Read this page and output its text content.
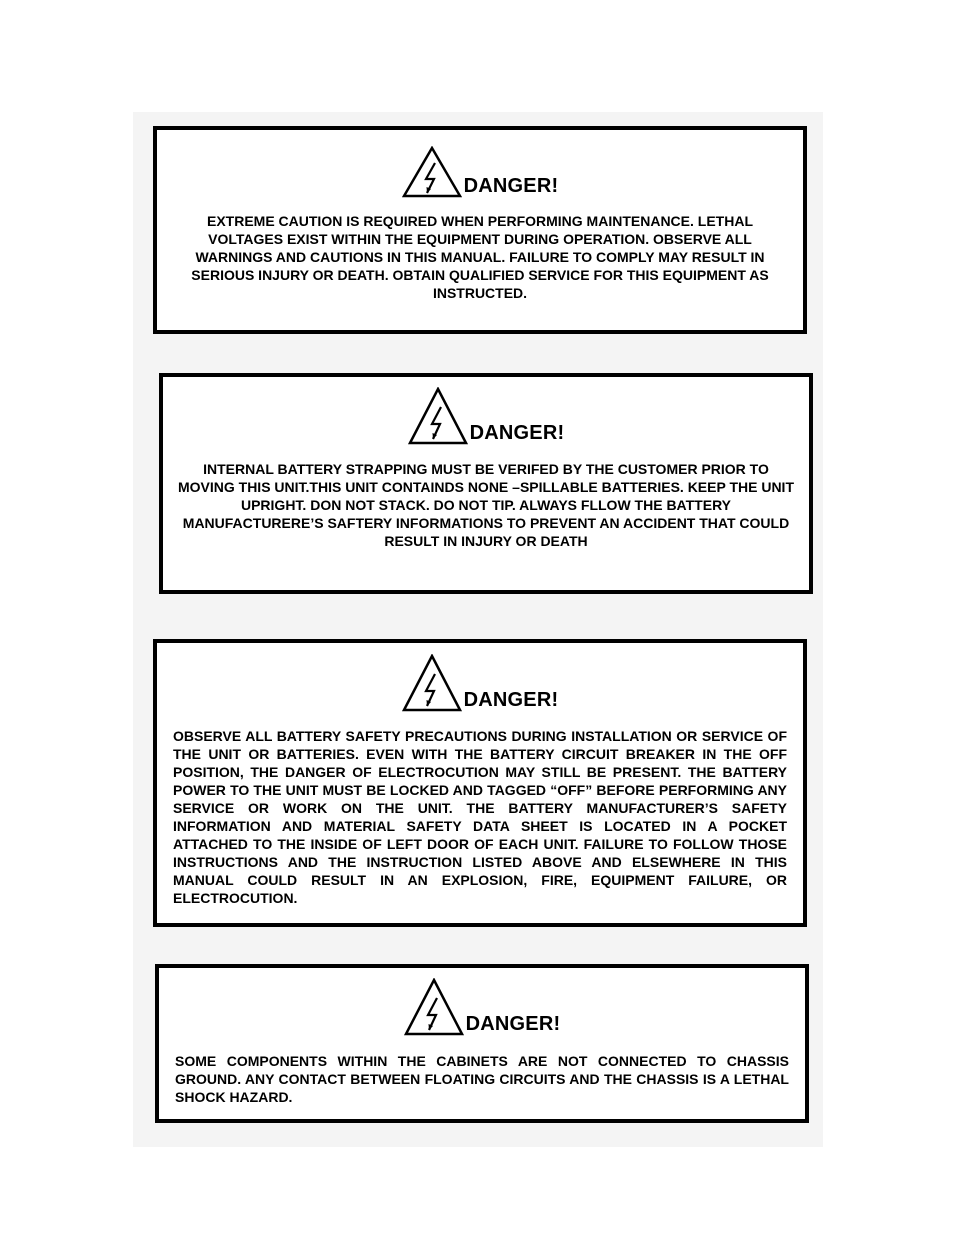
DANGER!
EXTREME CAUTION IS REQUIRED WHEN PERFORMING MAINTENANCE. LETHAL VOLTAGES EXIST WITHIN THE EQUIPMENT DURING OPERATION. OBSERVE ALL WARNINGS AND CAUTIONS IN THIS MANUAL. FAILURE TO COMPLY MAY RESULT IN SERIOUS INJURY OR DEATH. OBTAIN QUALIFIED SERVICE FOR THIS EQUIPMENT AS INSTRUCTED.
DANGER!
INTERNAL BATTERY STRAPPING MUST BE VERIFED BY THE CUSTOMER PRIOR TO MOVING THIS UNIT.THIS UNIT CONTAINDS NONE –SPILLABLE BATTERIES. KEEP THE UNIT UPRIGHT. DON NOT STACK. DO NOT TIP. ALWAYS FLLOW THE BATTERY MANUFACTURERE’S SAFTERY INFORMATIONS TO PREVENT AN ACCIDENT THAT COULD RESULT IN INJURY OR DEATH
DANGER!
OBSERVE ALL BATTERY SAFETY PRECAUTIONS DURING INSTALLATION OR SERVICE OF THE UNIT OR BATTERIES. EVEN WITH THE BATTERY CIRCUIT BREAKER IN THE OFF POSITION, THE DANGER OF ELECTROCUTION MAY STILL BE PRESENT. THE BATTERY POWER TO THE UNIT MUST BE LOCKED AND TAGGED “OFF” BEFORE PERFORMING ANY SERVICE OR WORK ON THE UNIT. THE BATTERY MANUFACTURER’S SAFETY INFORMATION AND MATERIAL SAFETY DATA SHEET IS LOCATED IN A POCKET ATTACHED TO THE INSIDE OF LEFT DOOR OF EACH UNIT. FAILURE TO FOLLOW THOSE INSTRUCTIONS AND THE INSTRUCTION LISTED ABOVE AND ELSEWHERE IN THIS MANUAL COULD RESULT IN AN EXPLOSION, FIRE, EQUIPMENT FAILURE, OR ELECTROCUTION.
DANGER!
SOME COMPONENTS WITHIN THE CABINETS ARE NOT CONNECTED TO CHASSIS GROUND. ANY CONTACT BETWEEN FLOATING CIRCUITS AND THE CHASSIS IS A LETHAL SHOCK HAZARD.
